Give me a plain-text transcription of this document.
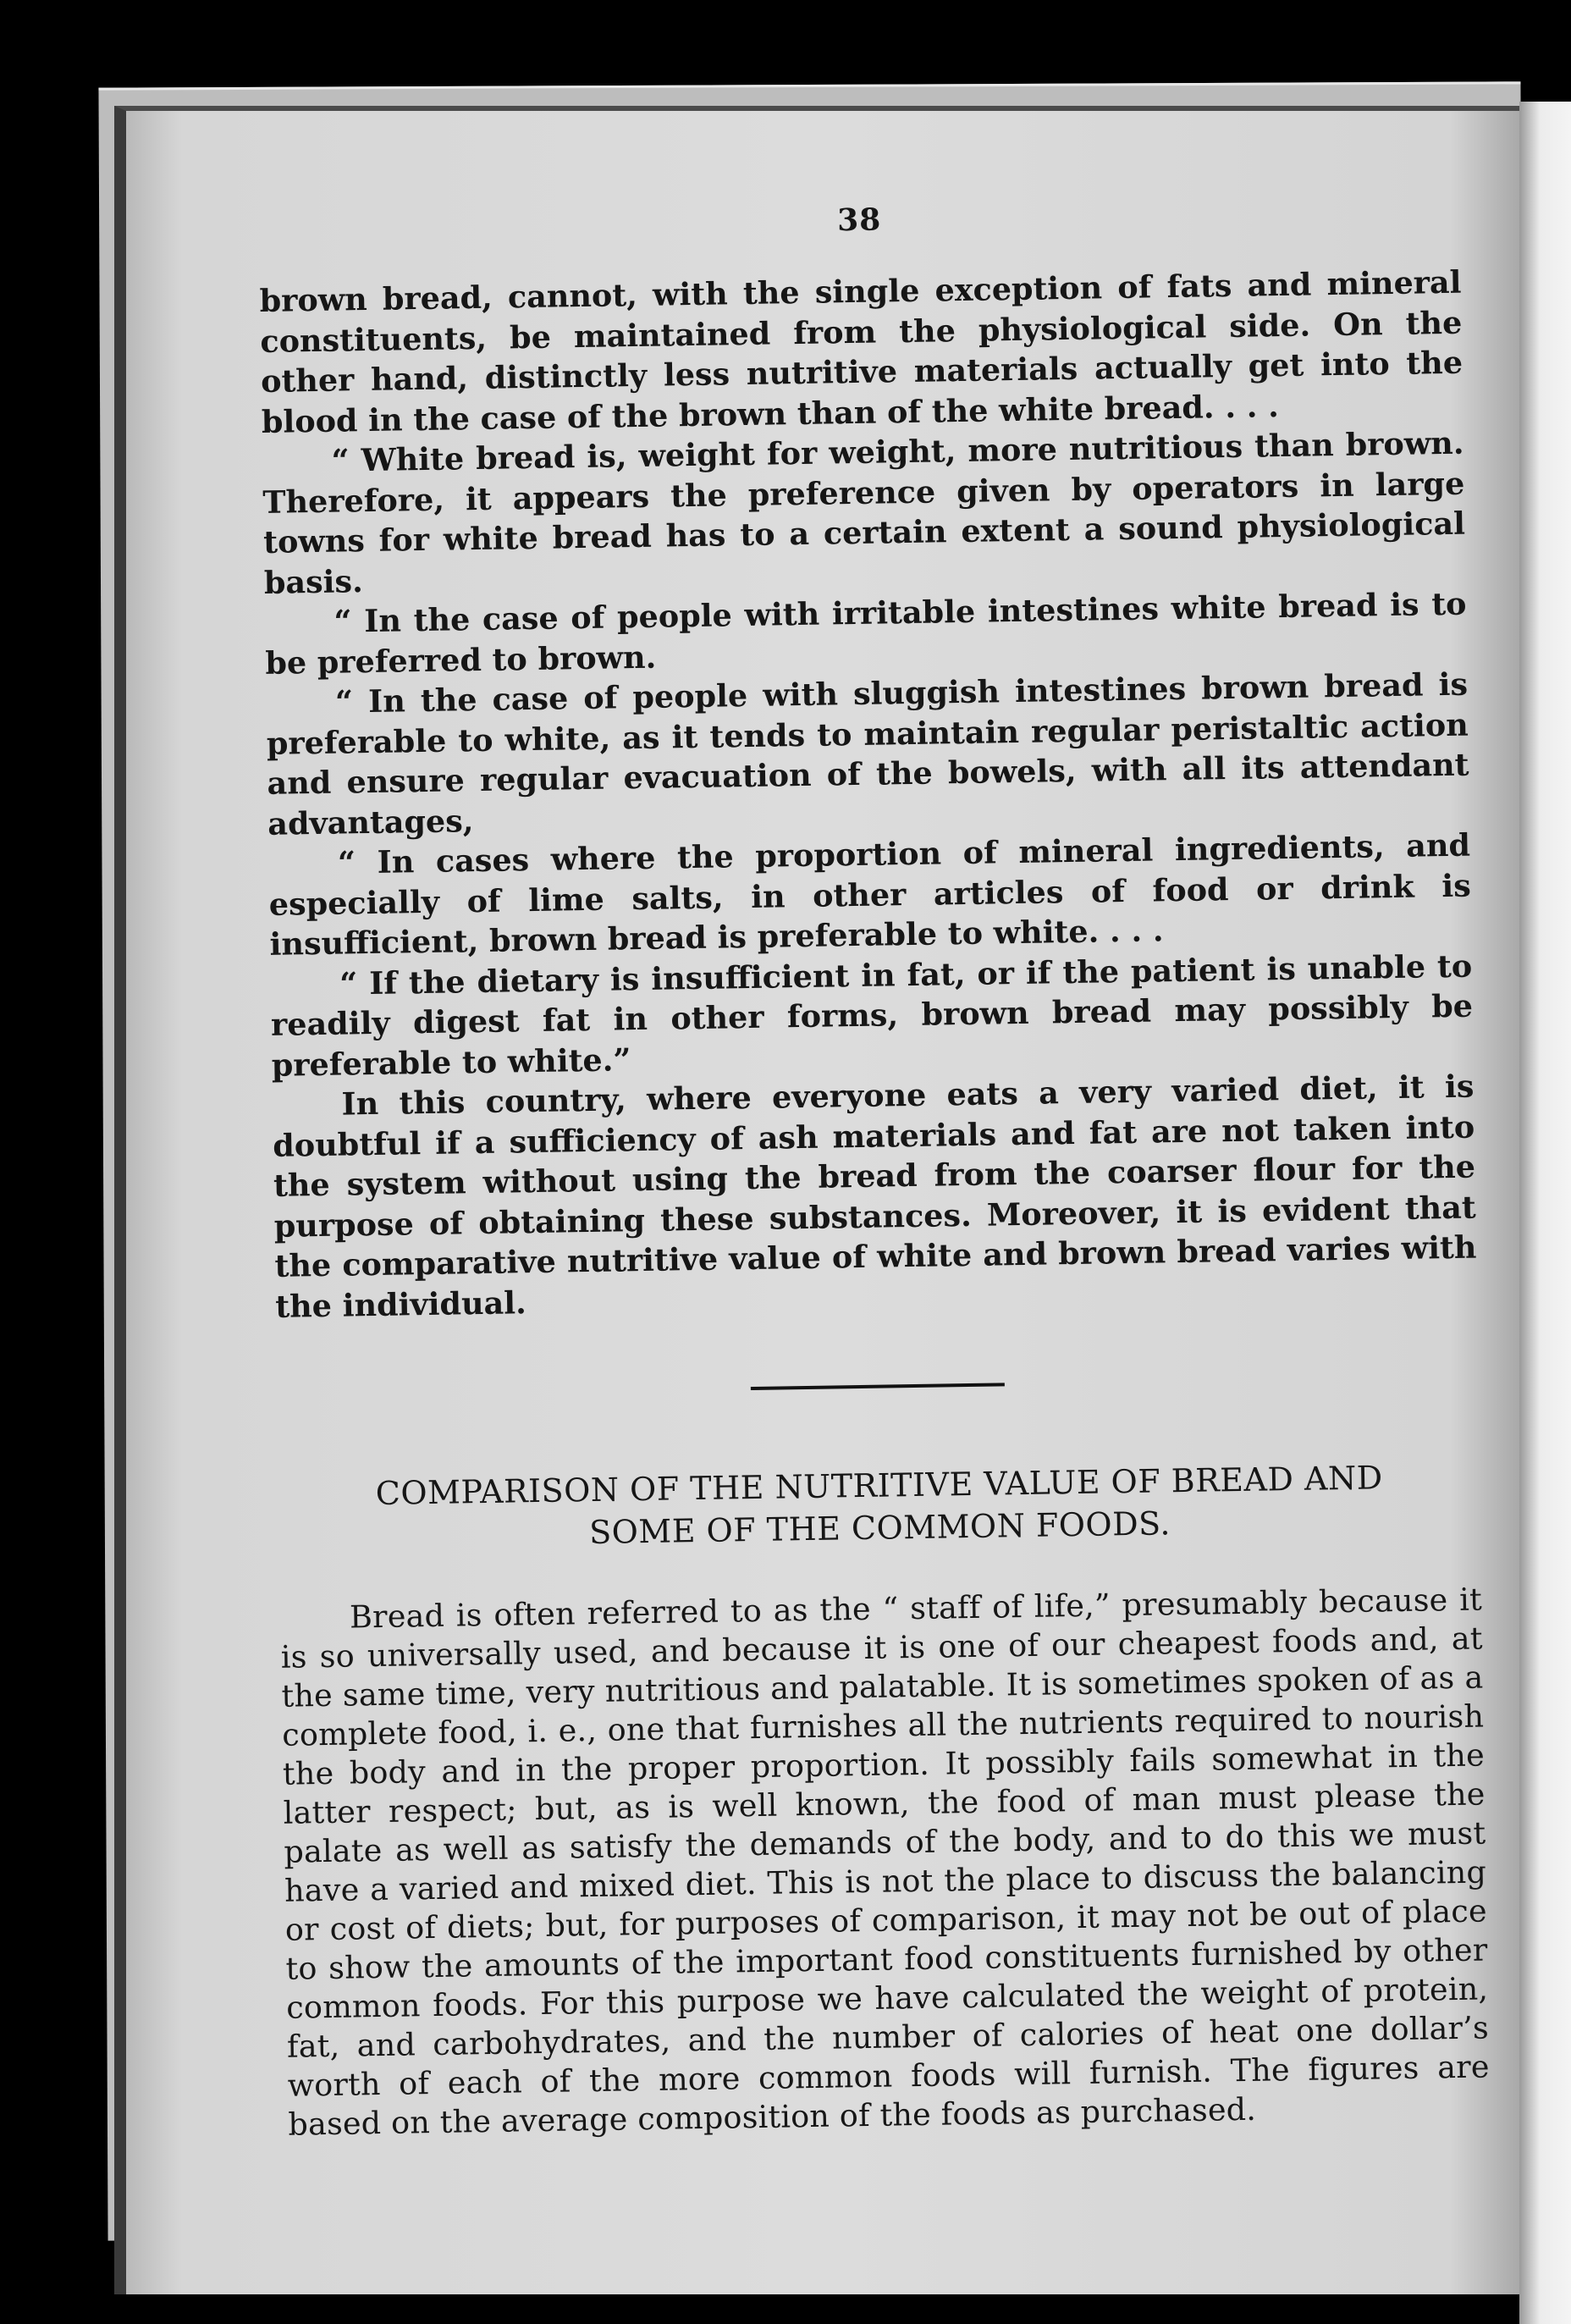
38

brown bread, cannot, with the single exception of fats and mineral constituents, be maintained from the physiological side. On the other hand, distinctly less nutritive materials actually get into the blood in the case of the brown than of the white bread. . . .

“ White bread is, weight for weight, more nutritious than brown. Therefore, it appears the preference given by operators in large towns for white bread has to a certain extent a sound physiological basis.

“ In the case of people with irritable intestines white bread is to be preferred to brown.

“ In the case of people with sluggish intestines brown bread is preferable to white, as it tends to maintain regular peristaltic action and ensure regular evacuation of the bowels, with all its attendant advantages,

“ In cases where the proportion of mineral ingredients, and especially of lime salts, in other articles of food or drink is insufficient, brown bread is preferable to white. . . .

“ If the dietary is insufficient in fat, or if the patient is unable to readily digest fat in other forms, brown bread may possibly be preferable to white.”

In this country, where everyone eats a very varied diet, it is doubtful if a sufficiency of ash materials and fat are not taken into the system without using the bread from the coarser flour for the purpose of obtaining these substances. Moreover, it is evident that the comparative nutritive value of white and brown bread varies with the individual.

COMPARISON OF THE NUTRITIVE VALUE OF BREAD AND
SOME OF THE COMMON FOODS.

Bread is often referred to as the “ staff of life,” presumably because it is so universally used, and because it is one of our cheapest foods and, at the same time, very nutritious and palatable. It is sometimes spoken of as a complete food, i. e., one that furnishes all the nutrients required to nourish the body and in the proper proportion. It possibly fails somewhat in the latter respect; but, as is well known, the food of man must please the palate as well as satisfy the demands of the body, and to do this we must have a varied and mixed diet. This is not the place to discuss the balancing or cost of diets; but, for purposes of comparison, it may not be out of place to show the amounts of the important food constituents furnished by other common foods. For this purpose we have calculated the weight of protein, fat, and carbohydrates, and the number of calories of heat one dollar’s worth of each of the more common foods will furnish. The figures are based on the average composition of the foods as purchased.
